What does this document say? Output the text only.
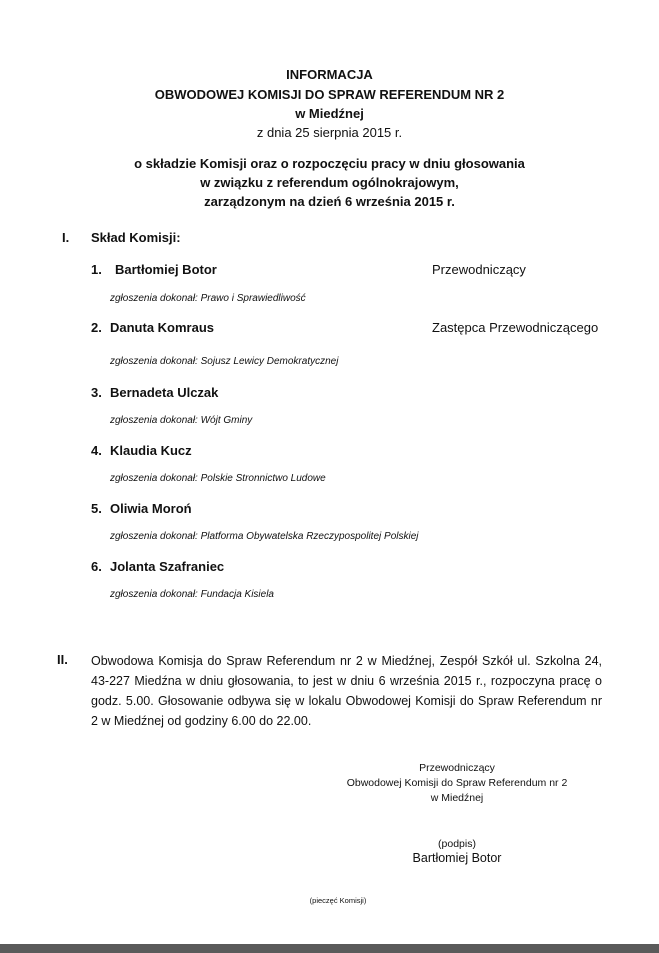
INFORMACJA
OBWODOWEJ KOMISJI DO SPRAW REFERENDUM NR 2
w Miedźnej
z dnia 25 sierpnia 2015 r.
o składzie Komisji oraz o rozpoczęciu pracy w dniu głosowania
w związku z referendum ogólnokrajowym,
zarządzonym na dzień 6 września 2015 r.
I. Skład Komisji:
1. Bartłomiej Botor	Przewodniczący
zgłoszenia dokonał: Prawo i Sprawiedliwość
2. Danuta Komraus	Zastępca Przewodniczącego
zgłoszenia dokonał: Sojusz Lewicy Demokratycznej
3. Bernadeta Ulczak
zgłoszenia dokonał: Wójt Gminy
4. Klaudia Kucz
zgłoszenia dokonał: Polskie Stronnictwo Ludowe
5. Oliwia Moroń
zgłoszenia dokonał: Platforma Obywatelska Rzeczypospolitej Polskiej
6. Jolanta Szafraniec
zgłoszenia dokonał: Fundacja Kisiela
II. Obwodowa Komisja do Spraw Referendum nr 2 w Miedźnej, Zespół Szkół ul. Szkolna 24, 43-227 Miedźna w dniu głosowania, to jest w dniu 6 września 2015 r., rozpoczyna pracę o godz. 5.00. Głosowanie odbywa się w lokalu Obwodowej Komisji do Spraw Referendum nr 2 w Miedźnej od godziny 6.00 do 22.00.
Przewodniczący
Obwodowej Komisji do Spraw Referendum nr 2
w Miedźnej
(podpis)
Bartłomiej Botor
(pieczęć Komisji)
